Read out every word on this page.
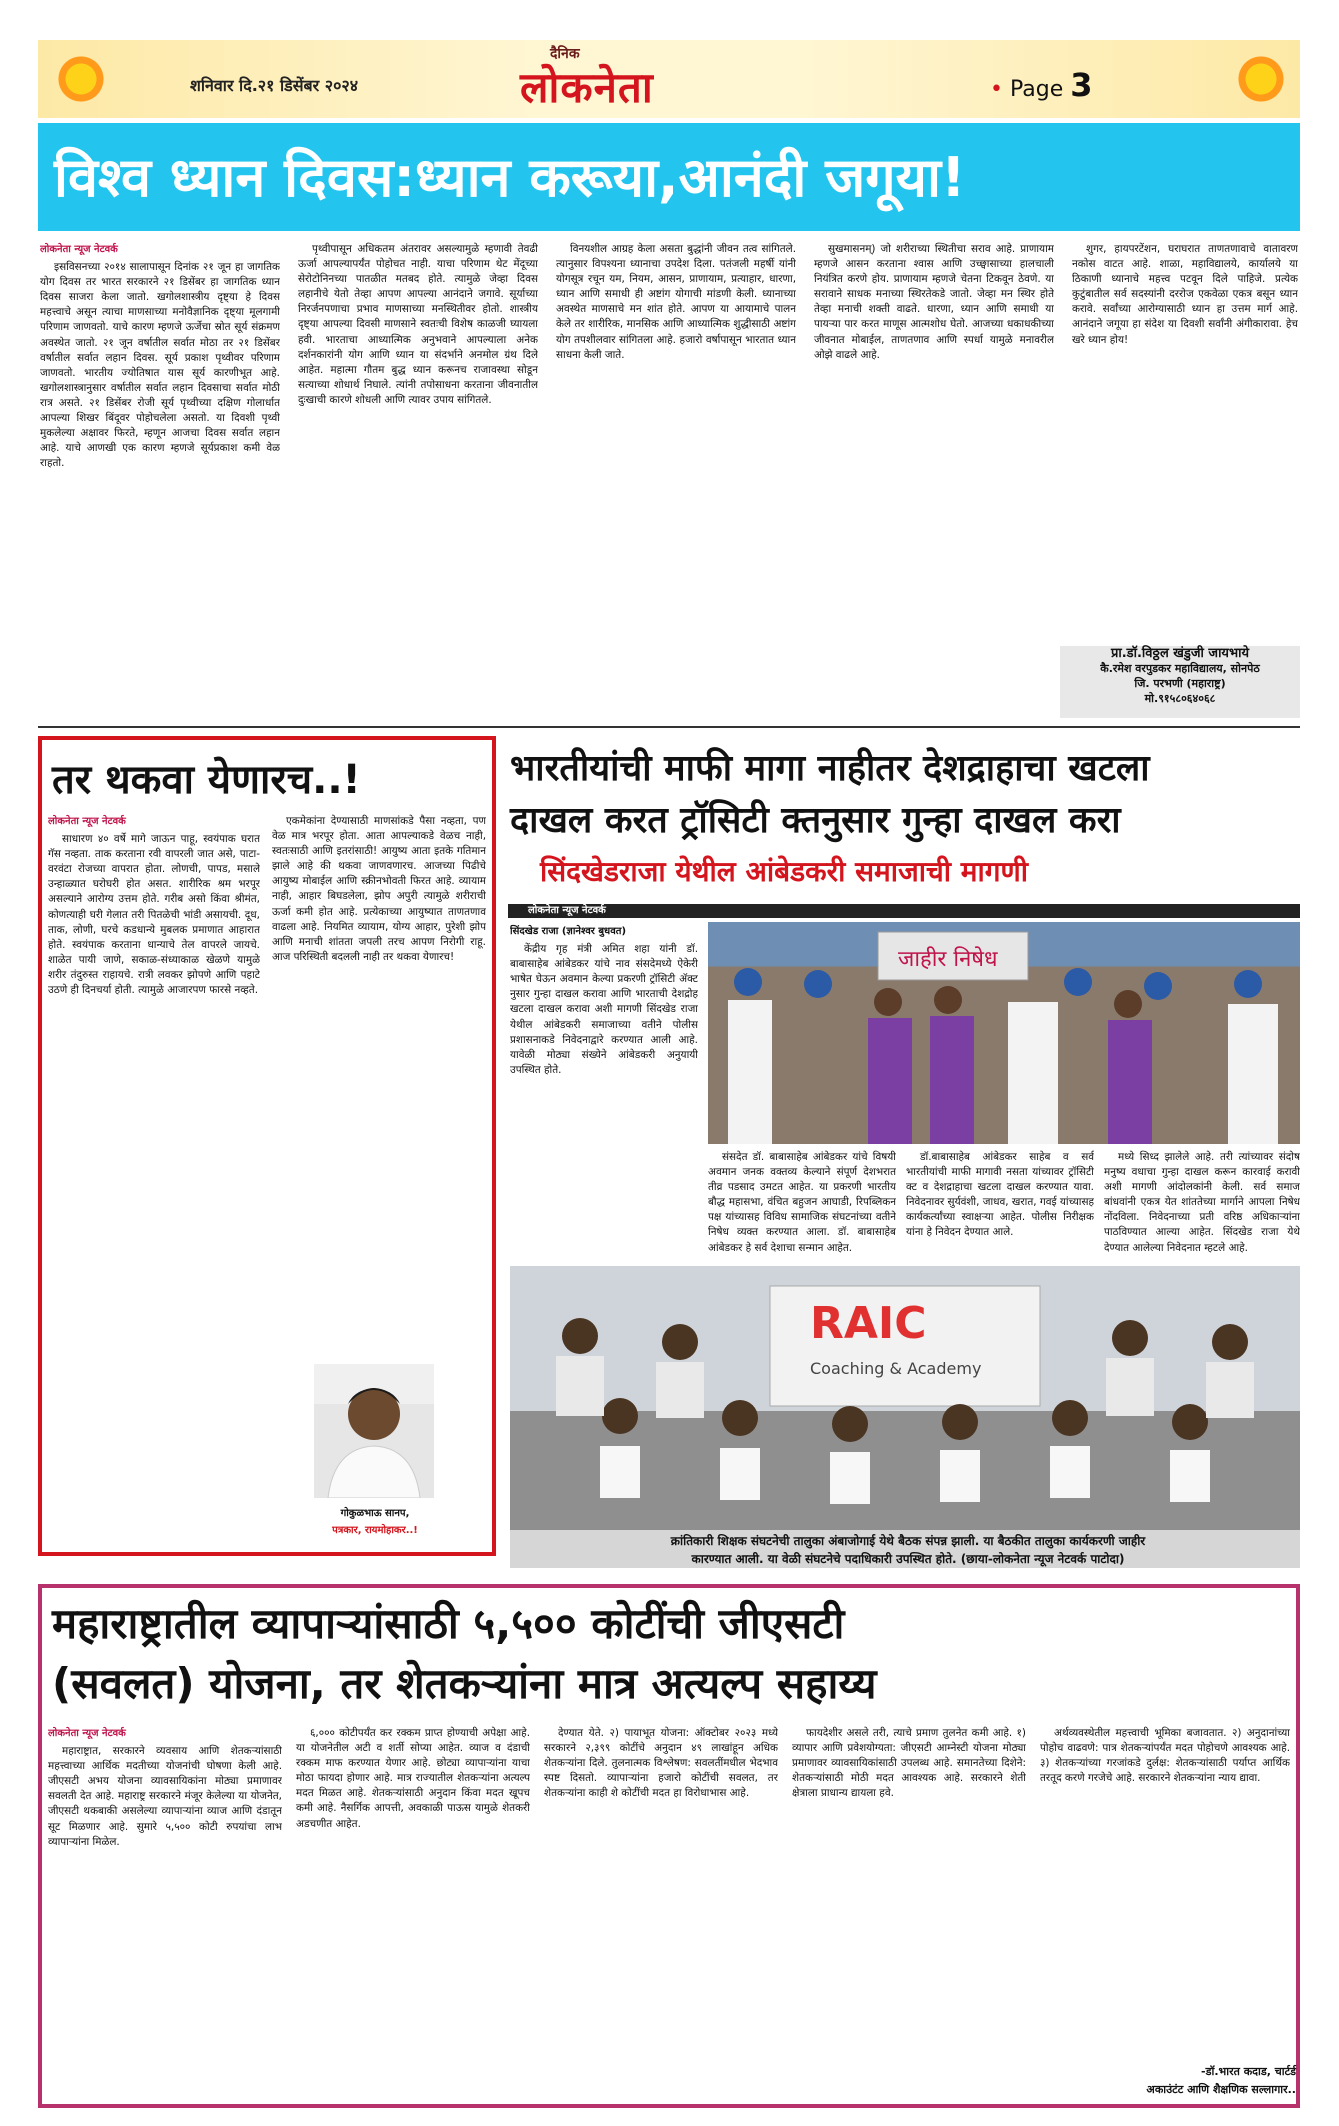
शनिवार दि.२१ डिसेंबर २०२४
दैनिक
लोकनेता	• Page 3
विश्व ध्यान दिवस:ध्यान करूया,आनंदी जगूया!
लोकनेता न्यूज नेटवर्क

इसविसनच्या २०१४ सालापासून दिनांक २१ जून हा जागतिक योग दिवस तर भारत सरकारने २१ डिसेंबर हा जागतिक ध्यान दिवस साजरा केला जातो. खगोलशास्त्रीय दृष्ट्या हे दिवस महत्त्वाचे असून त्याचा माणसाच्या मनोवैज्ञानिक दृष्ट्या मूलगामी परिणाम जाणवतो. याचे कारण म्हणजे ऊर्जेचा स्रोत सूर्य संक्रमण अवस्थेत जातो. २१ जून वर्षातील सर्वात मोठा तर २१ डिसेंबर वर्षातील सर्वात लहान दिवस. सूर्य प्रकाश पृथ्वीवर परिणाम जाणवतो. भारतीय ज्योतिषात यास सूर्य कारणीभूत आहे. खगोलशास्त्रानुसार वर्षातील सर्वात लहान दिवसाचा सर्वात मोठी रात्र असते. २१ डिसेंबर रोजी सूर्य पृथ्वीच्या दक्षिण गोलार्धात आपल्या शिखर बिंदूवर पोहोचलेला असतो. या दिवशी पृथ्वी मुकलेल्या अक्षावर फिरते, म्हणून आजचा दिवस सर्वात लहान आहे. याचे आणखी एक कारण म्हणजे सूर्यप्रकाश कमी वेळ राहतो.

पृथ्वीपासून अधिकतम अंतरावर असल्यामुळे म्हणावी तेवढी ऊर्जा आपल्यापर्यंत पोहोचत नाही. याचा परिणाम थेट मेंदूच्या सेरोटोनिनच्या पातळीत मतबद होते. त्यामुळे जेव्हा दिवस लहानीचे येतो तेव्हा आपण आपल्या आनंदाने जगावे. सूर्याच्या निरर्जनपणाचा प्रभाव माणसाच्या मनस्थितीवर होतो. शास्त्रीय दृष्ट्या आपल्या दिवसी माणसाने स्वतःची विशेष काळजी घ्यायला हवी. भारताचा आध्यात्मिक अनुभवाने आपल्याला अनेक दर्शनकारांनी योग आणि ध्यान या संदर्भाने अनमोल ग्रंथ दिले आहेत. महात्मा गौतम बुद्ध ध्यान करूनच राजावस्था सोडून सत्याच्या शोधार्थ निघाले. त्यांनी तपोसाधना करताना जीवनातील दुःखाची कारणे शोधली आणि त्यावर उपाय सांगितले.

विनयशील आग्रह केला असता बुद्धांनी जीवन तत्व सांगितले. त्यानुसार विपश्यना ध्यानाचा उपदेश दिला. पतंजली महर्षी यांनी योगसूत्र रचून यम, नियम, आसन, प्राणायाम, प्रत्याहार, धारणा, ध्यान आणि समाधी ही अष्टांग योगाची मांडणी केली. ध्यानाच्या अवस्थेत माणसाचे मन शांत होते. आपण या आयामाचे पालन केले तर शारीरिक, मानसिक आणि आध्यात्मिक शुद्धीसाठी अष्टांग योग तपशीलवार सांगितला आहे. हजारो वर्षापासून भारतात ध्यान साधना केली जाते.

सुखमासनम्) जो शरीराच्या स्थितीचा सराव आहे. प्राणायाम म्हणजे आसन करताना श्वास आणि उच्छ्वासाच्या हालचाली नियंत्रित करणे होय. प्राणायाम म्हणजे चेतना टिकवून ठेवणे. या सरावाने साधक मनाच्या स्थिरतेकडे जातो. जेव्हा मन स्थिर होते तेव्हा मनाची शक्ती वाढते. धारणा, ध्यान आणि समाधी या पायऱ्या पार करत माणूस आत्मशोध घेतो. आजच्या धकाधकीच्या जीवनात मोबाईल, ताणतणाव आणि स्पर्धा यामुळे मनावरील ओझे वाढले आहे.

शुगर, हायपरटेंशन, घराघरात ताणतणावाचे वातावरण नकोस वाटत आहे. शाळा, महाविद्यालये, कार्यालये या ठिकाणी ध्यानाचे महत्त्व पटवून दिले पाहिजे. प्रत्येक कुटुंबातील सर्व सदस्यांनी दररोज एकवेळा एकत्र बसून ध्यान करावे. सर्वांच्या आरोग्यासाठी ध्यान हा उत्तम मार्ग आहे. आनंदाने जगूया हा संदेश या दिवशी सर्वांनी अंगीकारावा. हेच खरे ध्यान होय!

प्रा.डॉ.विठ्ठल खंडुजी जायभाये
कै.रमेश वरपुडकर महाविद्यालय, सोनपेठ
जि. परभणी (महाराष्ट्र)
मो.९१५८०६४०६८
तर थकवा येणारच..!
लोकनेता न्यूज नेटवर्क

साधारण ४० वर्षे मागे जाऊन पाहू, स्वयंपाक घरात गॅस नव्हता. ताक करताना रवी वापरली जात असे, पाटा-वरवंटा रोजच्या वापरात होता. लोणची, पापड, मसाले उन्हाळ्यात घरोघरी होत असत. शारीरिक श्रम भरपूर असल्याने आरोग्य उत्तम होते. गरीब असो किंवा श्रीमंत, कोणत्याही घरी गेलात तरी पितळेची भांडी असायची. दूध, ताक, लोणी, घरचे कडधान्ये मुबलक प्रमाणात आहारात होते. स्वयंपाक करताना धान्याचे तेल वापरले जायचे. शाळेत पायी जाणे, सकाळ-संध्याकाळ खेळणे यामुळे शरीर तंदुरुस्त राहायचे. रात्री लवकर झोपणे आणि पहाटे उठणे ही दिनचर्या होती. त्यामुळे आजारपण फारसे नव्हते.

एकमेकांना देण्यासाठी माणसांकडे पैसा नव्हता, पण वेळ मात्र भरपूर होता. आता आपल्याकडे वेळच नाही, स्वतःसाठी आणि इतरांसाठी! आयुष्य आता इतके गतिमान झाले आहे की थकवा जाणवणारच. आजच्या पिढीचे आयुष्य मोबाईल आणि स्क्रीनभोवती फिरत आहे. व्यायाम नाही, आहार बिघडलेला, झोप अपुरी त्यामुळे शरीराची ऊर्जा कमी होत आहे. प्रत्येकाच्या आयुष्यात ताणतणाव वाढला आहे. नियमित व्यायाम, योग्य आहार, पुरेशी झोप आणि मनाची शांतता जपली तरच आपण निरोगी राहू. आज परिस्थिती बदलली नाही तर थकवा येणारच!

गोकुळभाऊ सानप,
पत्रकार, रायमोहाकर..!
भारतीयांची माफी मागा नाहीतर देशद्राहाचा खटला
दाखल करत ट्रॉसिटी क्तनुसार गुन्हा दाखल करा
सिंदखेडराजा येथील आंबेडकरी समाजाची मागणी
लोकनेता न्यूज नेटवर्क
सिंदखेड राजा (ज्ञानेश्वर बुधवत)

केंद्रीय गृह मंत्री अमित शहा यांनी डॉ. बाबासाहेब आंबेडकर यांचे नाव संसदेमध्ये ऐकेरी भाषेत घेऊन अवमान केल्या प्रकरणी ट्रॉसिटी ॲक्ट नुसार गुन्हा दाखल करावा आणि भारताची देशद्रोह खटला दाखल करावा अशी मागणी सिंदखेड राजा येथील आंबेडकरी समाजाच्या वतीने पोलीस प्रशासनाकडे निवेदनाद्वारे करण्यात आली आहे. यावेळी मोठ्या संख्येने आंबेडकरी अनुयायी उपस्थित होते.

जाहीर निषेध

संसदेत डॉ. बाबासाहेब आंबेडकर यांचे विषयी अवमान जनक वक्तव्य केल्याने संपूर्ण देशभरात तीव्र पडसाद उमटत आहेत. या प्रकरणी भारतीय बौद्ध महासभा, वंचित बहुजन आघाडी, रिपब्लिकन पक्ष यांच्यासह विविध सामाजिक संघटनांच्या वतीने निषेध व्यक्त करण्यात आला. डॉ. बाबासाहेब आंबेडकर हे सर्व देशाचा सन्मान आहेत.

डॉ.बाबासाहेब आंबेडकर साहेब व सर्व भारतीयांची माफी मागावी नसता यांच्यावर ट्रॉसिटी क्ट व देशद्राहाचा खटला दाखल करण्यात यावा. निवेदनावर सुर्यवंशी, जाधव, खरात, गवई यांच्यासह कार्यकर्त्यांच्या स्वाक्षऱ्या आहेत. पोलीस निरीक्षक यांना हे निवेदन देण्यात आले.

मध्ये सिध्द झालेले आहे. तरी त्यांच्यावर संदोष मनुष्य वधाचा गुन्हा दाखल करून कारवाई करावी अशी मागणी आंदोलकांनी केली. सर्व समाज बांधवांनी एकत्र येत शांततेच्या मार्गाने आपला निषेध नोंदविला. निवेदनाच्या प्रती वरिष्ठ अधिकाऱ्यांना पाठविण्यात आल्या आहेत. सिंदखेड राजा येथे देण्यात आलेल्या निवेदनात म्हटले आहे.

RAIC
Coaching & Academy
क्रांतिकारी शिक्षक संघटनेची तालुका अंबाजोगाई येथे बैठक संपन्न झाली. या बैठकीत तालुका कार्यकरणी जाहीर
कारण्यात आली. या वेळी संघटनेचे पदाधिकारी उपस्थित होते. (छाया-लोकनेता न्यूज नेटवर्क पाटोदा)
महाराष्ट्रातील व्यापाऱ्यांसाठी ५,५०० कोटींची जीएसटी
(सवलत) योजना, तर शेतकऱ्यांना मात्र अत्यल्प सहाय्य
लोकनेता न्यूज नेटवर्क

महाराष्ट्रात, सरकारने व्यवसाय आणि शेतकऱ्यांसाठी महत्त्वाच्या आर्थिक मदतीच्या योजनांची घोषणा केली आहे. जीएसटी अभय योजना व्यावसायिकांना मोठ्या प्रमाणावर सवलती देत आहे. महाराष्ट्र सरकारने मंजूर केलेल्या या योजनेत, जीएसटी थकबाकी असलेल्या व्यापाऱ्यांना व्याज आणि दंडातून सूट मिळणार आहे. सुमारे ५,५०० कोटी रुपयांचा लाभ व्यापाऱ्यांना मिळेल.

६,००० कोटीपर्यंत कर रक्कम प्राप्त होण्याची अपेक्षा आहे. या योजनेतील अटी व शर्ती सोप्या आहेत. व्याज व दंडाची रक्कम माफ करण्यात येणार आहे. छोट्या व्यापाऱ्यांना याचा मोठा फायदा होणार आहे. मात्र राज्यातील शेतकऱ्यांना अत्यल्प मदत मिळत आहे. शेतकऱ्यांसाठी अनुदान किंवा मदत खूपच कमी आहे. नैसर्गिक आपत्ती, अवकाळी पाऊस यामुळे शेतकरी अडचणीत आहेत.

देण्यात येते. २) पायाभूत योजना: ऑक्टोबर २०२३ मध्ये सरकारने २,३९९ कोटींचे अनुदान ४९ लाखांहून अधिक शेतकऱ्यांना दिले. तुलनात्मक विश्लेषण: सवलतींमधील भेदभाव स्पष्ट दिसतो. व्यापाऱ्यांना हजारो कोटींची सवलत, तर शेतकऱ्यांना काही शे कोटींची मदत हा विरोधाभास आहे.

फायदेशीर असले तरी, त्याचे प्रमाण तुलनेत कमी आहे. १) व्यापार आणि प्रवेशयोग्यता: जीएसटी आम्नेस्टी योजना मोठ्या प्रमाणावर व्यावसायिकांसाठी उपलब्ध आहे. समानतेच्या दिशेने: शेतकऱ्यांसाठी मोठी मदत आवश्यक आहे. सरकारने शेती क्षेत्राला प्राधान्य द्यायला हवे.

अर्थव्यवस्थेतील महत्त्वाची भूमिका बजावतात. २) अनुदानांच्या पोहोच वाढवणे: पात्र शेतकऱ्यांपर्यंत मदत पोहोचणे आवश्यक आहे. ३) शेतकऱ्यांच्या गरजांकडे दुर्लक्ष: शेतकऱ्यांसाठी पर्याप्त आर्थिक तरतूद करणे गरजेचे आहे. सरकारने शेतकऱ्यांना न्याय द्यावा.

-डॉ.भारत कदाड, चार्टर्ड
अकाउंटंट आणि शैक्षणिक सल्लागार..
